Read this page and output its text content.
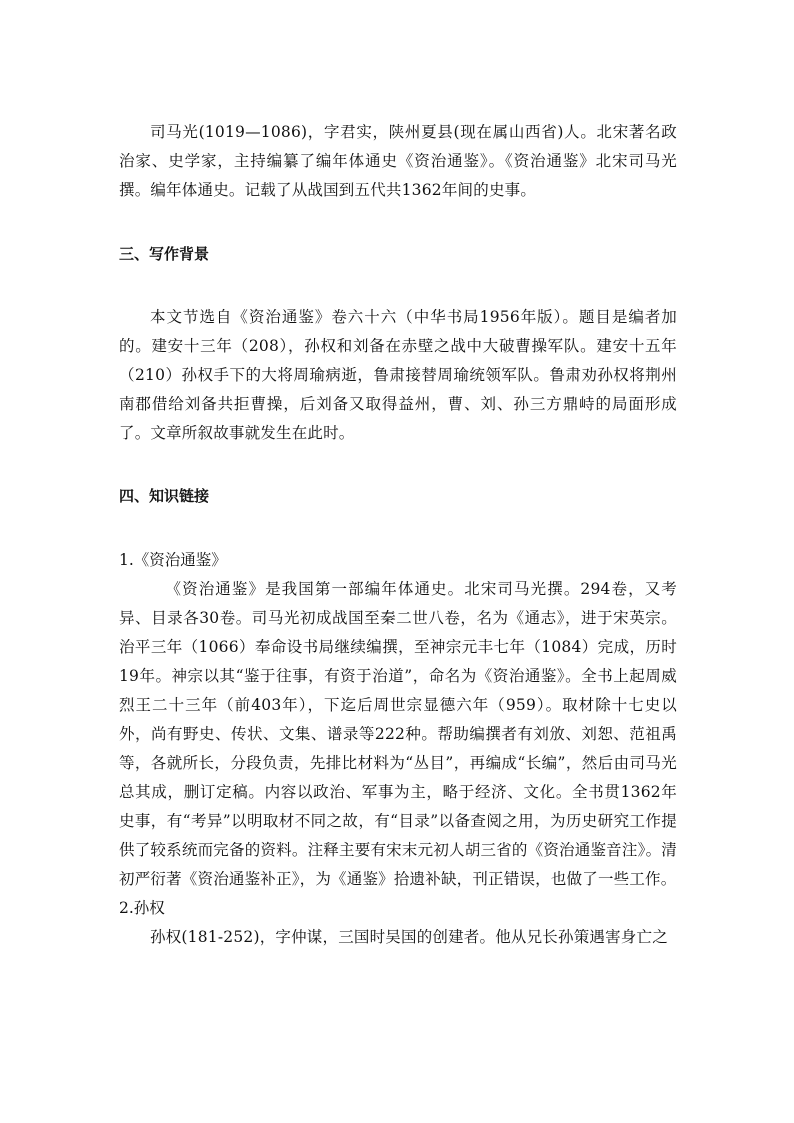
司马光(1019—1086)，字君实，陕州夏县(现在属山西省)人。北宋著名政治家、史学家，主持编纂了编年体通史《资治通鉴》。《资治通鉴》北宋司马光撰。编年体通史。记载了从战国到五代共1362年间的史事。

三、写作背景

本文节选自《资治通鉴》卷六十六（中华书局1956年版）。题目是编者加的。建安十三年（208），孙权和刘备在赤壁之战中大破曹操军队。建安十五年（210）孙权手下的大将周瑜病逝，鲁肃接替周瑜统领军队。鲁肃劝孙权将荆州南郡借给刘备共拒曹操，后刘备又取得益州，曹、刘、孙三方鼎峙的局面形成了。文章所叙故事就发生在此时。

四、知识链接

1.《资治通鉴》

《资治通鉴》是我国第一部编年体通史。北宋司马光撰。294卷，又考异、目录各30卷。司马光初成战国至秦二世八卷，名为《通志》，进于宋英宗。治平三年（1066）奉命设书局继续编撰，至神宗元丰七年（1084）完成，历时19年。神宗以其“鉴于往事，有资于治道”，命名为《资治通鉴》。全书上起周威烈王二十三年（前403年），下迄后周世宗显德六年（959）。取材除十七史以外，尚有野史、传状、文集、谱录等222种。帮助编撰者有刘攽、刘恕、范祖禹等，各就所长，分段负责，先排比材料为“丛目”，再编成“长编”，然后由司马光总其成，删订定稿。内容以政治、军事为主，略于经济、文化。全书贯1362年史事，有“考异”以明取材不同之故，有“目录”以备查阅之用，为历史研究工作提供了较系统而完备的资料。注释主要有宋末元初人胡三省的《资治通鉴音注》。清初严衍著《资治通鉴补正》，为《通鉴》拾遗补缺，刊正错误，也做了一些工作。

2.孙权

孙权(181-252)，字仲谋，三国时吴国的创建者。他从兄长孙策遇害身亡之
